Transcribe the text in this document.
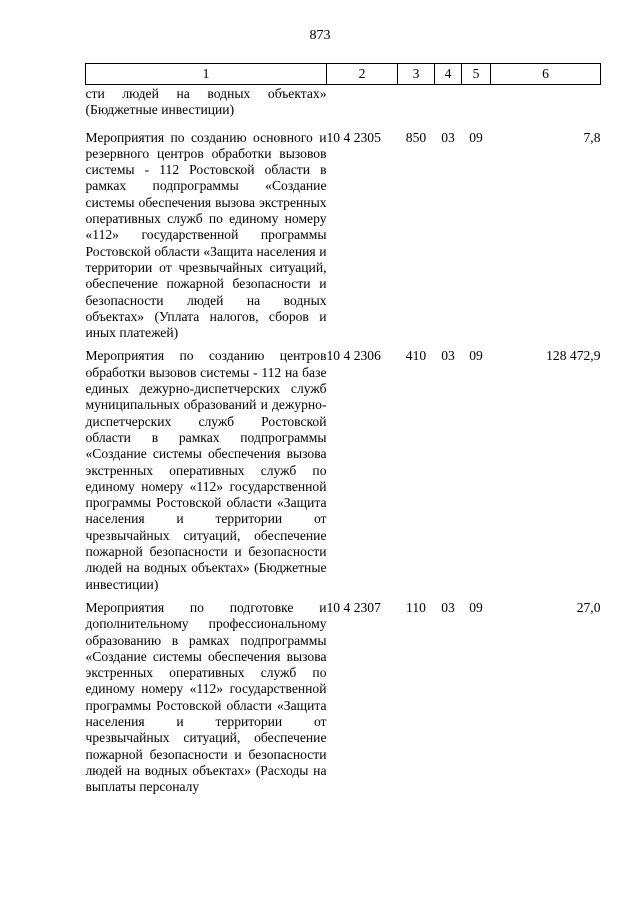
873
1	2	3	4	5	6
сти людей на водных объектах» (Бюджетные инвестиции)					
Мероприятия по созданию основного и резервного центров обработки вызовов системы - 112 Ростовской области в рамках подпрограммы «Создание системы обеспечения вызова экстренных оперативных служб по единому номеру «112» государственной программы Ростовской области «Защита населения и территории от чрезвычайных ситуаций, обеспечение пожарной безопасности и безопасности людей на водных объектах» (Уплата налогов, сборов и иных платежей)	10 4 2305	850	03	09	7,8
Мероприятия по созданию центров обработки вызовов системы - 112 на базе единых дежурно-диспетчерских служб муниципальных образований и дежурно-диспетчерских служб Ростовской области в рамках подпрограммы «Создание системы обеспечения вызова экстренных оперативных служб по единому номеру «112» государственной программы Ростовской области «Защита населения и территории от чрезвычайных ситуаций, обеспечение пожарной безопасности и безопасности людей на водных объектах» (Бюджетные инвестиции)	10 4 2306	410	03	09	128 472,9
Мероприятия по подготовке и дополнительному профессиональному образованию в рамках подпрограммы «Создание системы обеспечения вызова экстренных оперативных служб по единому номеру «112» государственной программы Ростовской области «Защита населения и территории от чрезвычайных ситуаций, обеспечение пожарной безопасности и безопасности людей на водных объектах» (Расходы на выплаты персоналу	10 4 2307	110	03	09	27,0
